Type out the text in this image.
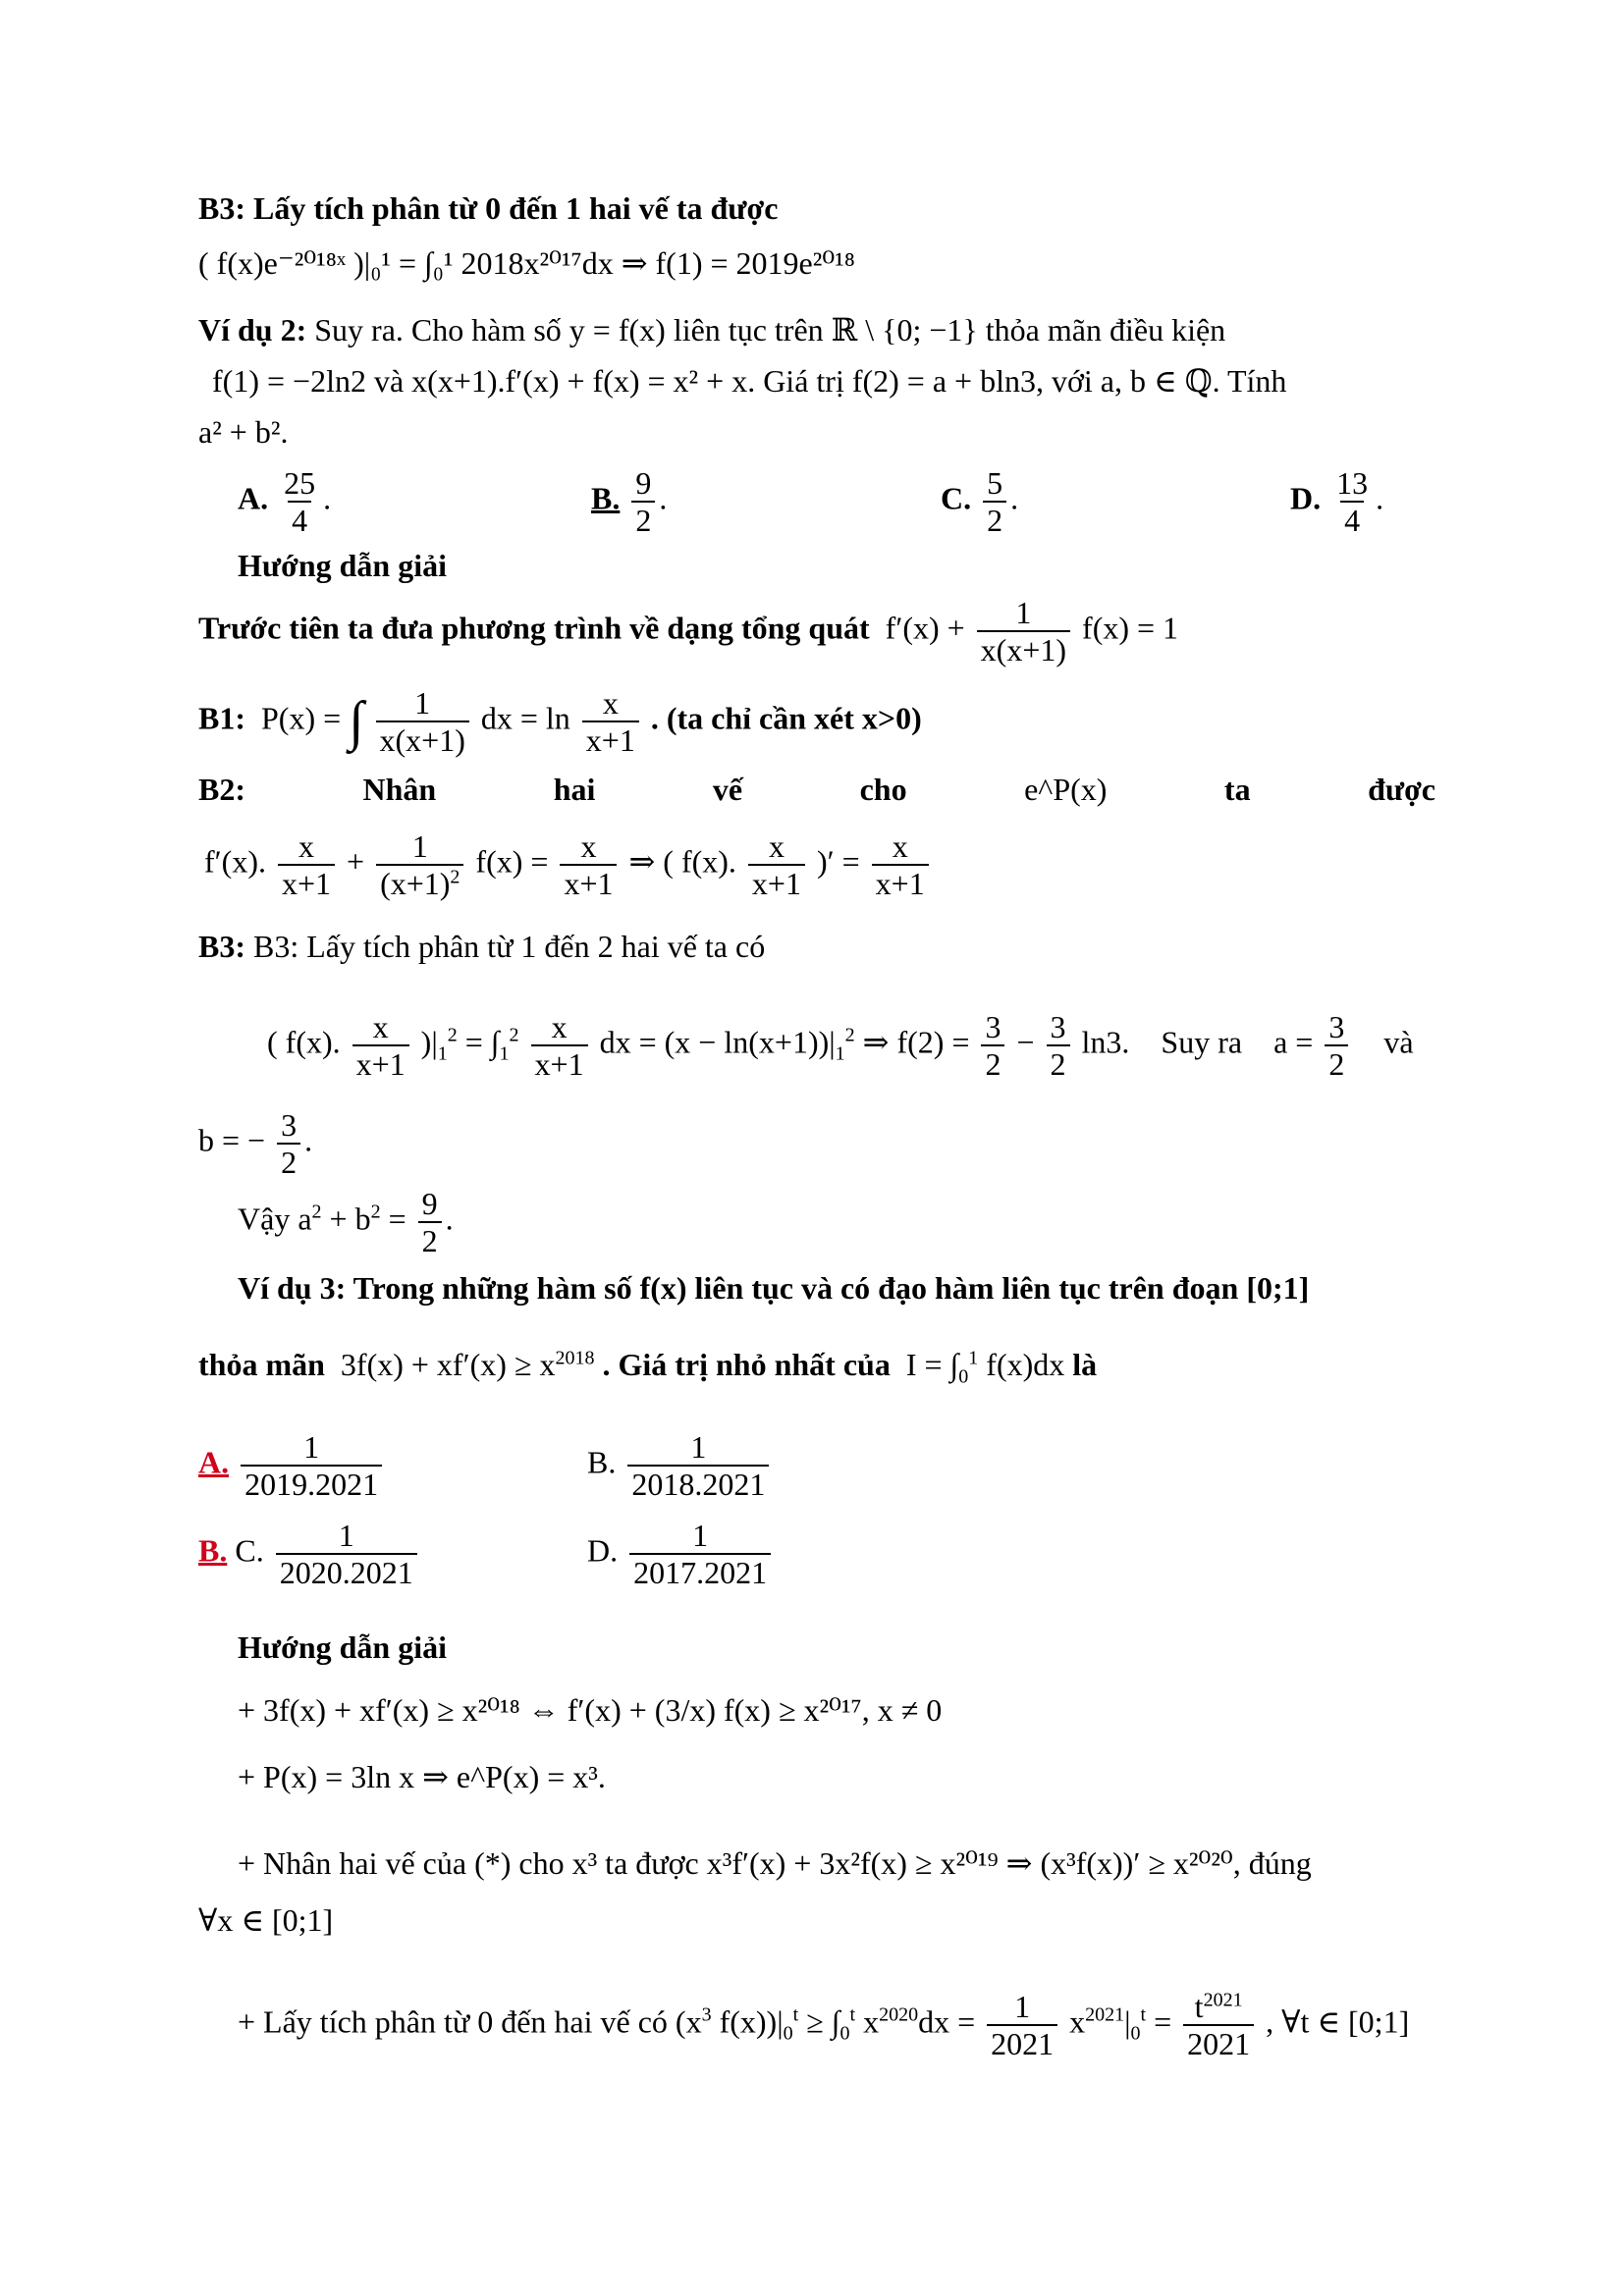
B3: Lấy tích phân từ 0 đến 1 hai vế ta được
( f(x)e⁻²⁰¹⁸ˣ )|₀¹ = ∫₀¹ 2018x²⁰¹⁷dx ⇒ f(1) = 2019e²⁰¹⁸
Ví dụ 2: Suy ra. Cho hàm số y = f(x) liên tục trên ℝ \ {0; −1} thỏa mãn điều kiện
f(1) = −2ln2 và x(x+1).f′(x) + f(x) = x² + x. Giá trị f(2) = a + bln3, với a, b ∈ ℚ. Tính
a² + b².
A. $\frac{25}{4}$ .	B. $\frac{9}{2}$ .	C. $\frac{5}{2}$ .	D. $\frac{13}{4}$ .
Hướng dẫn giải
Trước tiên ta đưa phương trình về dạng tổng quát  $f'(x) + \frac{1}{x(x+1)} f(x) = 1$
B1:  P(x) = ∫ $\frac{1}{x(x+1)}$ dx = $\ln \frac{x}{x+1}$ . (ta chỉ cần xét x>0)
B2:	Nhân	hai	vế	cho	e^P(x)	ta	được
f′(x). $\frac{x}{x+1} + \frac{1}{(x+1)^2} f(x) = \frac{x}{x+1}$ ⇒ ( f(x). $\frac{x}{x+1}$ )′ = $\frac{x}{x+1}$
B3: B3: Lấy tích phân từ 1 đến 2 hai vế ta có
( f(x). $\frac{x}{x+1} )|_1^2 = \int_1^2 \frac{x}{x+1}$ dx = $(x - \ln(x+1))|_1^2$ ⇒ $f(2) = \frac{3}{2} - \frac{3}{2} \ln 3$.    Suy ra    $a = \frac{3}{2}$ và
b = − $\frac{3}{2}$ .
Vậy $a^2 + b^2 = \frac{9}{2}$ .
Ví dụ 3: Trong những hàm số f(x) liên tục và có đạo hàm liên tục trên đoạn [0;1]
thỏa mãn  $3f(x) + xf'(x) \ge x^{2018}$ . Giá trị nhỏ nhất của  $I = \int_0^1$ f(x)dx là
A. $\frac{1}{2019.2021}$	B. $\frac{1}{2018.2021}$
B. C. $\frac{1}{2020.2021}$	D. $\frac{1}{2017.2021}$
Hướng dẫn giải
+ 3f(x) + xf′(x) ≥ x²⁰¹⁸ ⇔ f′(x) + (3/x) f(x) ≥ x²⁰¹⁷, x ≠ 0
+ P(x) = 3ln x ⇒ e^P(x) = x³.
+ Nhân hai vế của (*) cho x³ ta được x³f′(x) + 3x²f(x) ≥ x²⁰¹⁹ ⇒ (x³f(x))′ ≥ x²⁰²⁰, đúng
∀x ∈ [0;1]
+ Lấy tích phân từ 0 đến hai vế có ($x^3$ $f(x))|_0^t \ge \int_0^t$ $x^{2020}dx = \frac{1}{2021} x^{2021}|_0^t = \frac{t^{2021}}{2021}$ , ∀t ∈ [0;1]
